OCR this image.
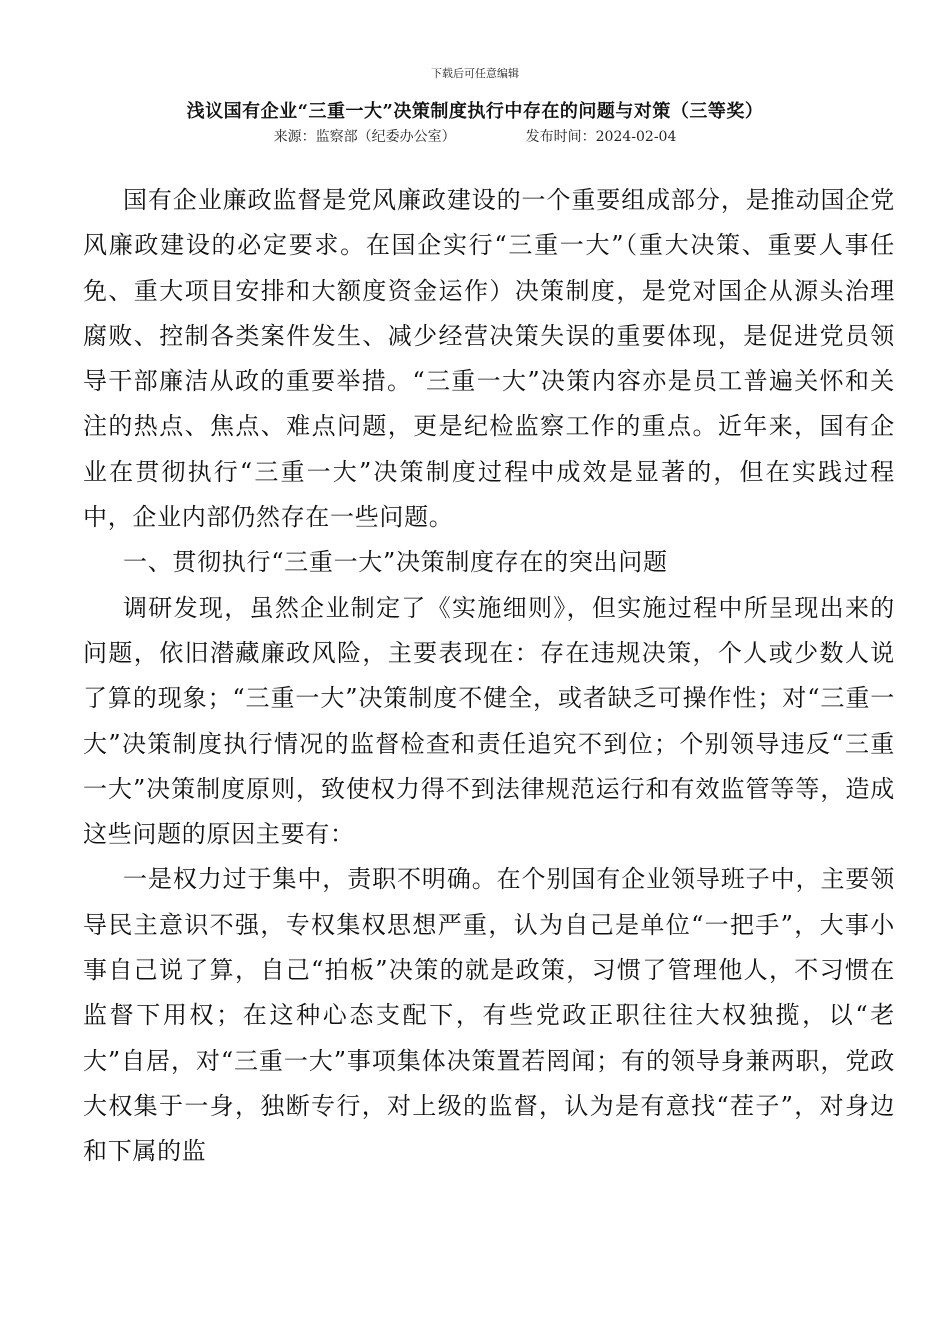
下载后可任意编辑
浅议国有企业“三重一大”决策制度执行中存在的问题与对策（三等奖）
来源：监察部（纪委办公室）	发布时间：2024-02-04

国有企业廉政监督是党风廉政建设的一个重要组成部分，是推动国企党风廉政建设的必定要求。在国企实行“三重一大”（重大决策、重要人事任免、重大项目安排和大额度资金运作）决策制度，是党对国企从源头治理腐败、控制各类案件发生、减少经营决策失误的重要体现，是促进党员领导干部廉洁从政的重要举措。“三重一大”决策内容亦是员工普遍关怀和关注的热点、焦点、难点问题，更是纪检监察工作的重点。近年来，国有企业在贯彻执行“三重一大”决策制度过程中成效是显著的，但在实践过程中，企业内部仍然存在一些问题。

一、贯彻执行“三重一大”决策制度存在的突出问题

调研发现，虽然企业制定了《实施细则》，但实施过程中所呈现出来的问题，依旧潜藏廉政风险，主要表现在：存在违规决策，个人或少数人说了算的现象；“三重一大”决策制度不健全，或者缺乏可操作性；对“三重一大”决策制度执行情况的监督检查和责任追究不到位；个别领导违反“三重一大”决策制度原则，致使权力得不到法律规范运行和有效监管等等，造成这些问题的原因主要有：

一是权力过于集中，责职不明确。在个别国有企业领导班子中，主要领导民主意识不强，专权集权思想严重，认为自己是单位“一把手”，大事小事自己说了算，自己“拍板”决策的就是政策，习惯了管理他人，不习惯在监督下用权；在这种心态支配下，有些党政正职往往大权独揽，以“老大”自居，对“三重一大”事项集体决策置若罔闻；有的领导身兼两职，党政大权集于一身，独断专行，对上级的监督，认为是有意找“茬子”，对身边和下属的监
